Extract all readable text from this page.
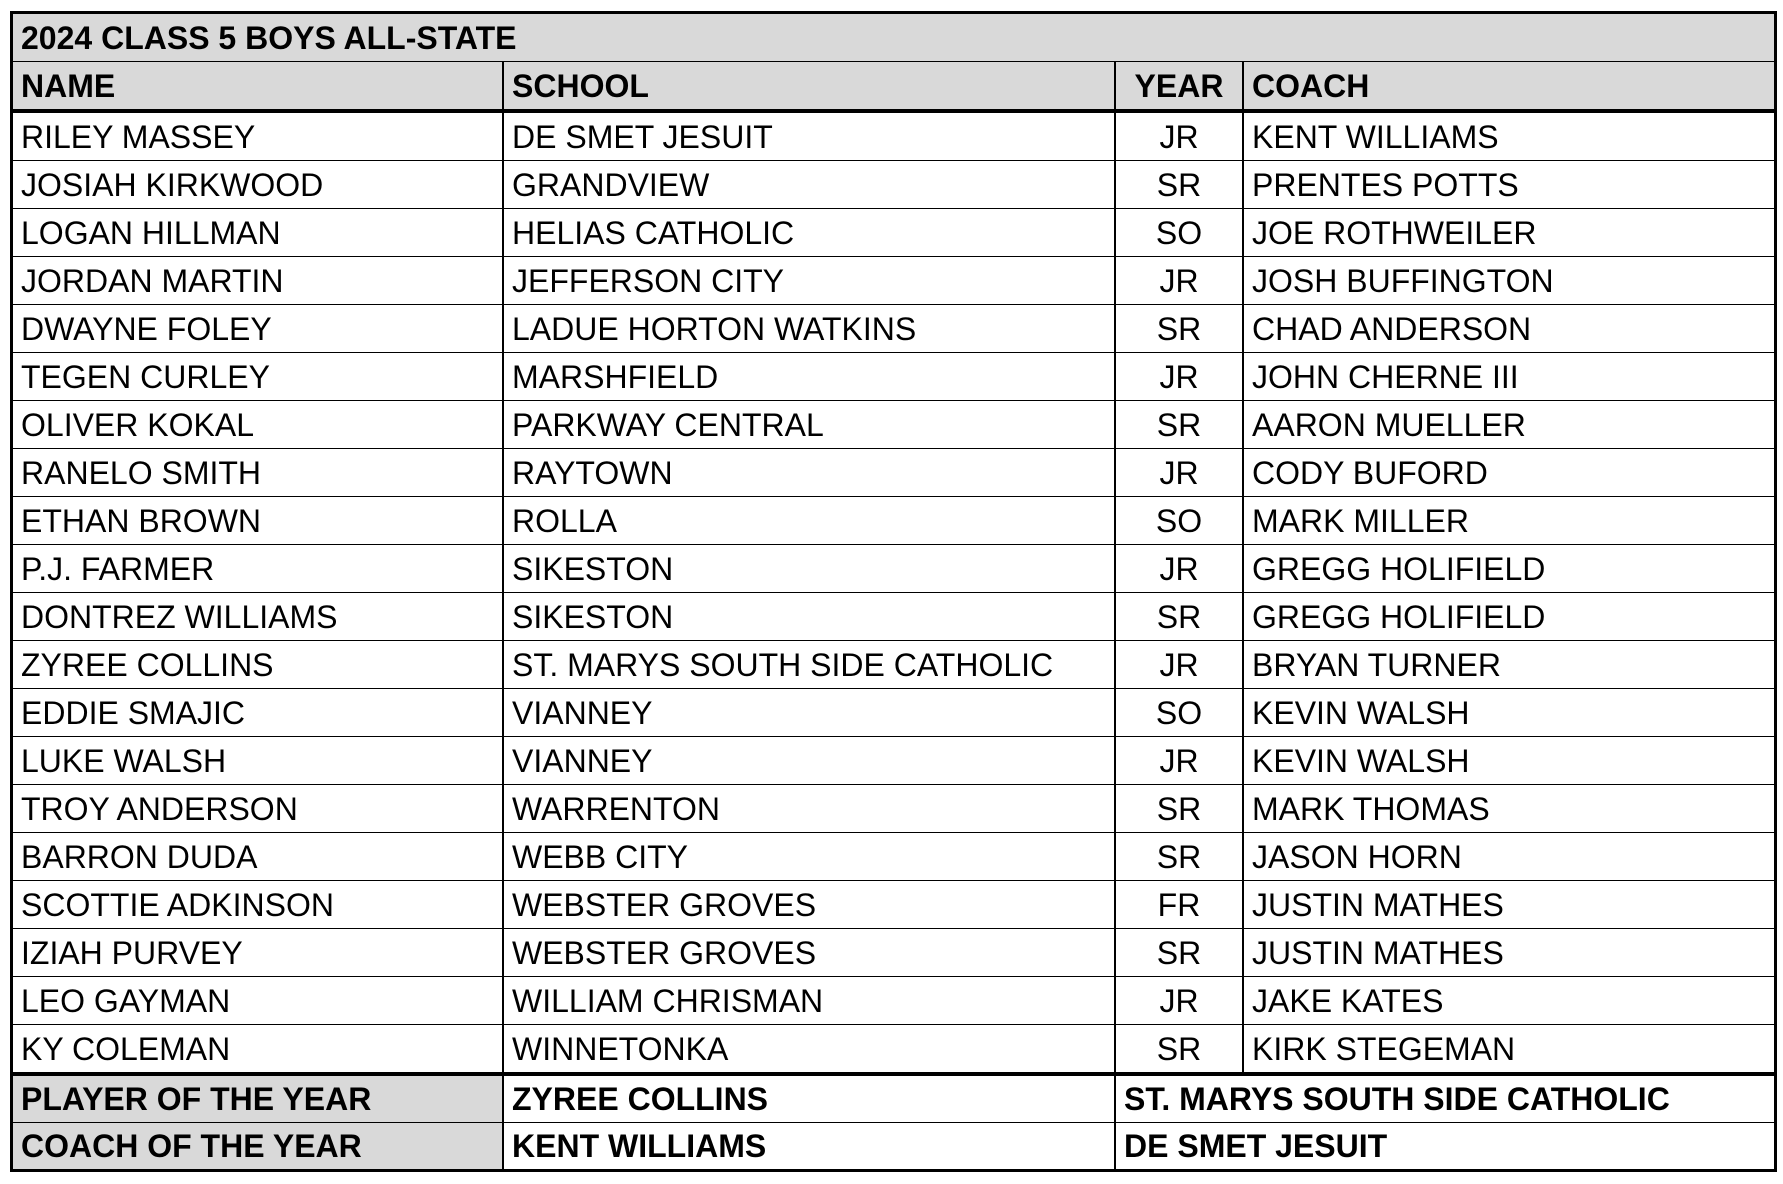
2024 CLASS 5 BOYS ALL-STATE			
NAME	SCHOOL	YEAR	COACH
RILEY MASSEY	DE SMET JESUIT	JR	KENT WILLIAMS
JOSIAH KIRKWOOD	GRANDVIEW	SR	PRENTES POTTS
LOGAN HILLMAN	HELIAS CATHOLIC	SO	JOE ROTHWEILER
JORDAN MARTIN	JEFFERSON CITY	JR	JOSH BUFFINGTON
DWAYNE FOLEY	LADUE HORTON WATKINS	SR	CHAD ANDERSON
TEGEN CURLEY	MARSHFIELD	JR	JOHN CHERNE III
OLIVER KOKAL	PARKWAY CENTRAL	SR	AARON MUELLER
RANELO SMITH	RAYTOWN	JR	CODY BUFORD
ETHAN BROWN	ROLLA	SO	MARK MILLER
P.J. FARMER	SIKESTON	JR	GREGG HOLIFIELD
DONTREZ WILLIAMS	SIKESTON	SR	GREGG HOLIFIELD
ZYREE COLLINS	ST. MARYS SOUTH SIDE CATHOLIC	JR	BRYAN TURNER
EDDIE SMAJIC	VIANNEY	SO	KEVIN WALSH
LUKE WALSH	VIANNEY	JR	KEVIN WALSH
TROY ANDERSON	WARRENTON	SR	MARK THOMAS
BARRON DUDA	WEBB CITY	SR	JASON HORN
SCOTTIE ADKINSON	WEBSTER GROVES	FR	JUSTIN MATHES
IZIAH PURVEY	WEBSTER GROVES	SR	JUSTIN MATHES
LEO GAYMAN	WILLIAM CHRISMAN	JR	JAKE KATES
KY COLEMAN	WINNETONKA	SR	KIRK STEGEMAN
PLAYER OF THE YEAR	ZYREE COLLINS	ST. MARYS SOUTH SIDE CATHOLIC
COACH OF THE YEAR	KENT WILLIAMS	DE SMET JESUIT
